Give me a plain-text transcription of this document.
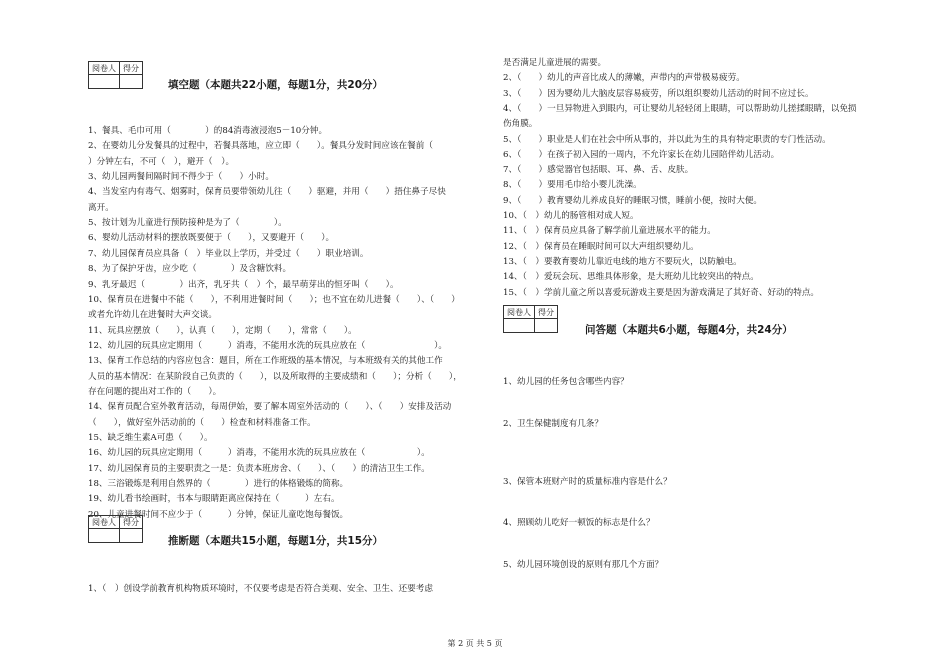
阅卷人	得分

填空题（本题共22小题，每题1分，共20分）
1、餐具、毛巾可用（　　　　）的84消毒液浸泡5－10分钟。
2、在婴幼儿分发餐具的过程中，若餐具落地，应立即（　　）。餐具分发时间应该在餐前（
）分钟左右，不可（　），避开（　）。
3、幼儿园两餐间隔时间不得少于（　　）小时。
4、当发室内有毒气、烟雾时，保育员要带领幼儿往（　　）驱避，并用（　　）捂住鼻子尽快
离开。
5、按计划为儿童进行预防接种是为了（　　　　）。
6、婴幼儿活动材料的摆放既要便于（　　），又要避开（　　）。
7、幼儿园保育员应具备（　）毕业以上学历，并受过（　　）职业培训。
8、为了保护牙齿，应少吃（　　　　）及含糖饮料。
9、乳牙最迟（　　　　）出齐，乳牙共（　）个，最早萌芽出的恒牙叫（　　）。
10、保育员在进餐中不能（　　），不利用进餐时间（　　）；也不宜在幼儿进餐（　　）、（　　）
或者允许幼儿在进餐时大声交谈。
11、玩具应摆放（　　），认真（　　），定期（　　），常常（　　）。
12、幼儿园的玩具应定期用（　　　）消毒，不能用水洗的玩具应放在（　　　　　　　　）。
13、保育工作总结的内容应包含：题目，所在工作班级的基本情况，与本班级有关的其他工作
人员的基本情况：在某阶段自己负责的（　　），以及所取得的主要成绩和（　　）；分析（　　），
存在问题的提出对工作的（　　）。
14、保育员配合室外教育活动，每周伊始，要了解本周室外活动的（　　）、（　　）安排及活动
（　　），做好室外活动前的（　　）检查和材料准备工作。
15、缺乏维生素A可患（　　）。
16、幼儿园的玩具应定期用（　　　）消毒，不能用水洗的玩具应放在（　　　　　　）。
17、幼儿园保育员的主要职责之一是：负责本班房舍、（　　）、（　　）的清洁卫生工作。
18、三浴锻炼是利用自然界的（　　　　）进行的体格锻炼的简称。
19、幼儿看书绘画时，书本与眼睛距离应保持在（　　　）左右。
20、儿童进餐时间不应少于（　　　）分钟，保证儿童吃饱每餐饭。
阅卷人	得分

推断题（本题共15小题，每题1分，共15分）
1、（　）创设学前教育机构物质环境时，不仅要考虑是否符合美观、安全、卫生、还要考虑
是否满足儿童进展的需要。
2、（　　）幼儿的声音比成人的薄嫩，声带内的声带极易疲劳。
3、（　　）因为婴幼儿大脑皮层容易疲劳，所以组织婴幼儿活动的时间不应过长。
4、（　　）一旦异物进入到眼内，可让婴幼儿轻轻闭上眼睛，可以帮助幼儿搓揉眼睛，以免损
伤角膜。
5、（　　）职业是人们在社会中所从事的，并以此为生的具有特定职责的专门性活动。
6、（　　）在孩子初入园的一周内，不允许家长在幼儿园陪伴幼儿活动。
7、（　　）感觉器官包括眼、耳、鼻、舌、皮肤。
8、（　　）要用毛巾给小婴儿洗澡。
9、（　　）教育婴幼儿养成良好的睡眠习惯，睡前小便，按时大便。
10、（　）幼儿的肠管相对成人短。
11、（　）保育员应具备了解学前儿童进展水平的能力。
12、（　）保育员在睡眠时间可以大声组织婴幼儿。
13、（　）要教育婴幼儿靠近电线的地方不要玩火，以防触电。
14、（　）爱玩会玩、思维具体形象，是大班幼儿比较突出的特点。
15、（　）学前儿童之所以喜爱玩游戏主要是因为游戏满足了其好奇、好动的特点。
阅卷人	得分

问答题（本题共6小题，每题4分，共24分）
1、幼儿园的任务包含哪些内容？
2、卫生保健制度有几条？
3、保管本班财产时的质量标准内容是什么？
4、照顾幼儿吃好一顿饭的标志是什么？
5、幼儿园环境创设的原则有那几个方面？
第 2 页 共 5 页
